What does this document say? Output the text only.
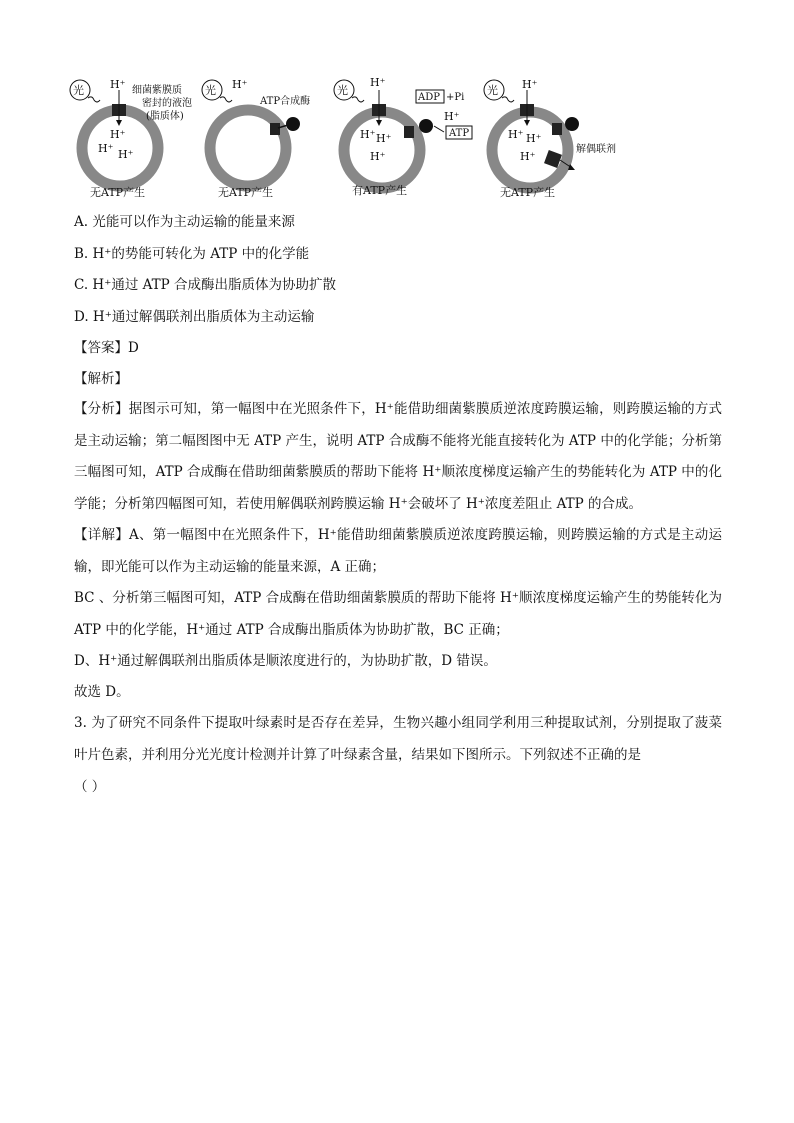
光 H⁺ 细菌紫膜质
密封的液泡
(脂质体)
H⁺
H⁺ H⁺
无ATP产生
光 H⁺
ATP合成酶
无ATP产生
光
H⁺
ADP +Pi
H⁺
ATP
H⁺ H⁺
H⁺
有ATP产生
光 H⁺
解偶联剂
H⁺ H⁺
H⁺
无ATP产生
A. 光能可以作为主动运输的能量来源
B. H⁺的势能可转化为 ATP 中的化学能
C. H⁺通过 ATP 合成酶出脂质体为协助扩散
D. H⁺通过解偶联剂出脂质体为主动运输
【答案】D
【解析】
【分析】据图示可知，第一幅图中在光照条件下，H⁺能借助细菌紫膜质逆浓度跨膜运输，则跨膜运输的方式是主动运输；第二幅图图中无 ATP 产生，说明 ATP 合成酶不能将光能直接转化为 ATP 中的化学能；分析第三幅图可知，ATP 合成酶在借助细菌紫膜质的帮助下能将 H⁺顺浓度梯度运输产生的势能转化为 ATP 中的化学能；分析第四幅图可知，若使用解偶联剂跨膜运输 H⁺会破坏了 H⁺浓度差阻止 ATP 的合成。
【详解】A、第一幅图中在光照条件下，H⁺能借助细菌紫膜质逆浓度跨膜运输，则跨膜运输的方式是主动运输，即光能可以作为主动运输的能量来源，A 正确；
BC 、分析第三幅图可知，ATP 合成酶在借助细菌紫膜质的帮助下能将 H⁺顺浓度梯度运输产生的势能转化为 ATP 中的化学能，H⁺通过 ATP 合成酶出脂质体为协助扩散，BC 正确；
D、H⁺通过解偶联剂出脂质体是顺浓度进行的，为协助扩散，D 错误。
故选 D。
3. 为了研究不同条件下提取叶绿素时是否存在差异，生物兴趣小组同学利用三种提取试剂，分别提取了菠菜叶片色素，并利用分光光度计检测并计算了叶绿素含量，结果如下图所示。下列叙述不正确的是
（ ）
